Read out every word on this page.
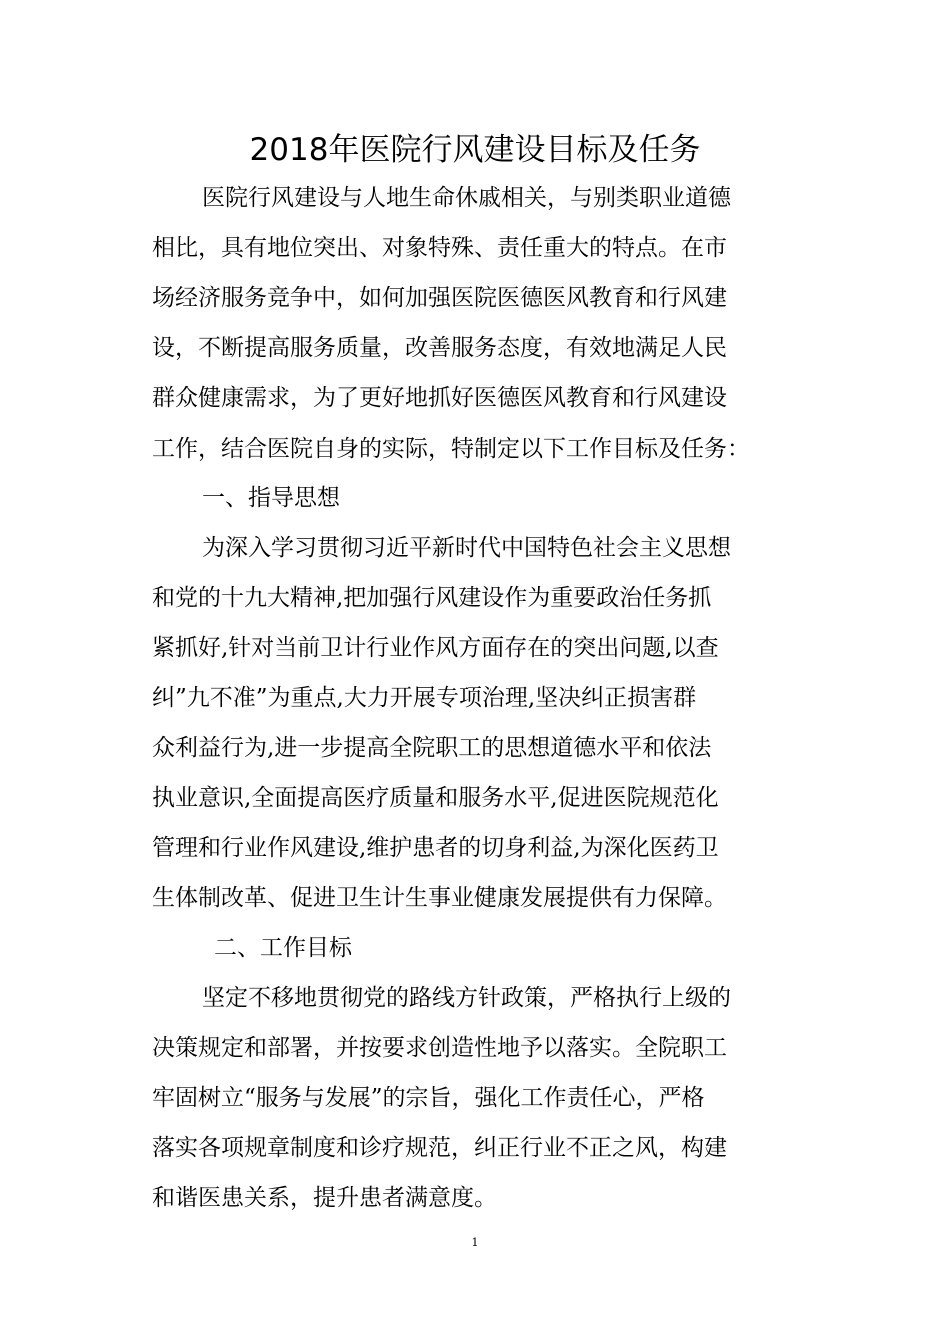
2018年医院行风建设目标及任务
医院行风建设与人地生命休戚相关，与别类职业道德
相比，具有地位突出、对象特殊、责任重大的特点。在市
场经济服务竞争中，如何加强医院医德医风教育和行风建
设，不断提高服务质量，改善服务态度，有效地满足人民
群众健康需求，为了更好地抓好医德医风教育和行风建设
工作，结合医院自身的实际，特制定以下工作目标及任务：
一、指导思想
为深入学习贯彻习近平新时代中国特色社会主义思想
和党的十九大精神,把加强行风建设作为重要政治任务抓
紧抓好,针对当前卫计行业作风方面存在的突出问题,以查
纠”九不准”为重点,大力开展专项治理,坚决纠正损害群
众利益行为,进一步提高全院职工的思想道德水平和依法
执业意识,全面提高医疗质量和服务水平,促进医院规范化
管理和行业作风建设,维护患者的切身利益,为深化医药卫
生体制改革、促进卫生计生事业健康发展提供有力保障。
二、工作目标
坚定不移地贯彻党的路线方针政策，严格执行上级的
决策规定和部署，并按要求创造性地予以落实。全院职工
牢固树立“服务与发展”的宗旨，强化工作责任心，严格
落实各项规章制度和诊疗规范，纠正行业不正之风，构建
和谐医患关系，提升患者满意度。
1
